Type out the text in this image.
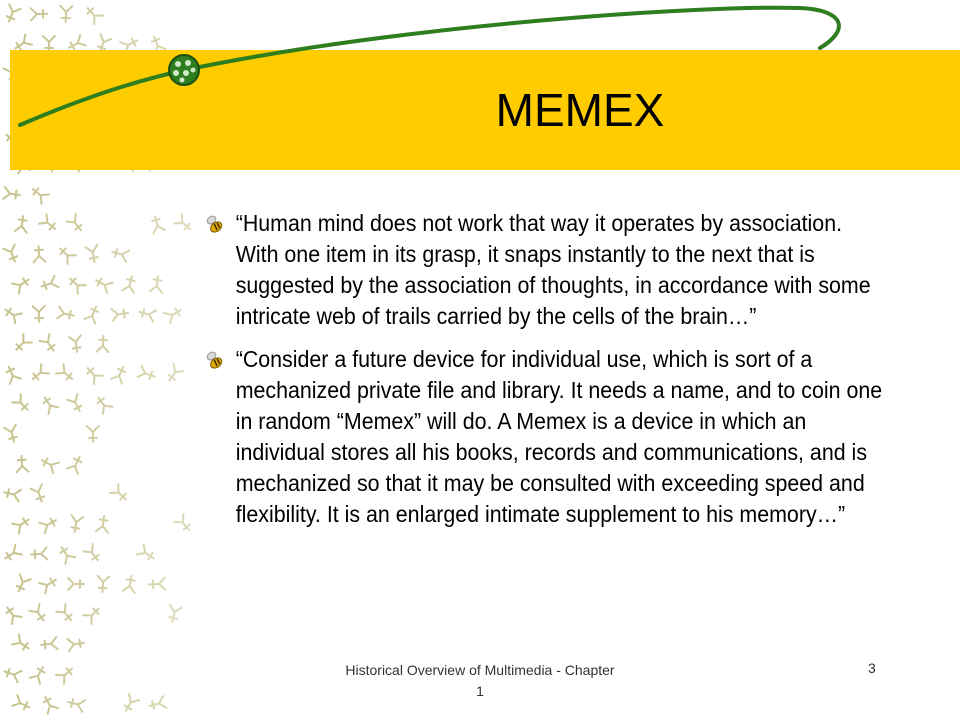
MEMEX
“Human mind does not work that way it operates by association. With one item in its grasp, it snaps instantly to the next that is suggested by the association of thoughts, in accordance with some intricate web of trails carried by the cells of the brain…”
“Consider a future device for individual use, which is sort of a mechanized private file and library. It needs a name, and to coin one in random “Memex” will do. A Memex is a device in which an individual stores all his books, records and communications, and is mechanized so that it may be consulted with exceeding speed and flexibility. It is an enlarged intimate supplement to his memory…”
Historical Overview of Multimedia - Chapter 1
3
